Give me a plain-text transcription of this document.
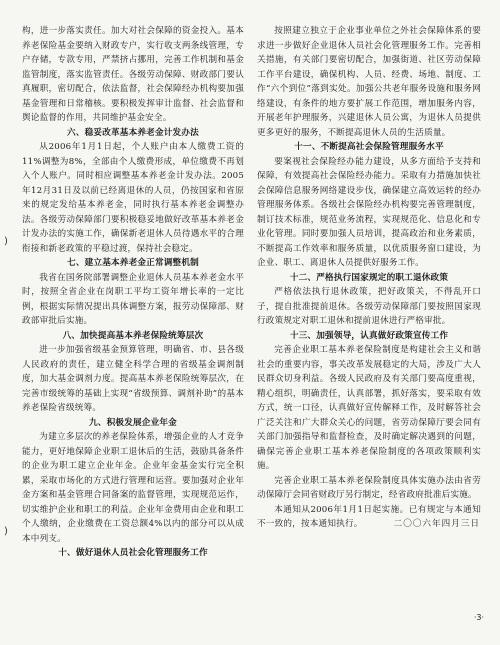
)
)

构，进一步落实责任。加大对社会保障的资金投入。基本养老保险基金要纳入财政专户，实行收支两条线管理，专户存储，专款专用，严禁挤占挪用，完善工作机制和基金监管制度，落实监管责任。各级劳动保障、财政部门要认真履职，密切配合，依法监督，社会保障经办机构要加强基金管理和日常稽核。要积极发挥审计监督、社会监督和舆论监督的作用，共同维护基金安全。

六、稳妥改革基本养老金计发办法

从2006年1月1日起，个人账户由本人缴费工资的11%调整为8%，全部由个人缴费形成，单位缴费不再划入个人账户。同时相应调整基本养老金计发办法。2005年12月31日及以前已经离退休的人员，仍按国家和省原来的规定发给基本养老金，同时执行基本养老金调整办法。各级劳动保障部门要积极稳妥地做好改革基本养老金计发办法的实施工作，确保新老退休人员待遇水平的合理衔接和新老政策的平稳过渡，保持社会稳定。

七、建立基本养老金正常调整机制

我省在国务院部署调整企业退休人员基本养老金水平时，按照全省企业在岗职工平均工资年增长率的一定比例，根据实际情况提出具体调整方案，报劳动保障部、财政部审批后实施。

八、加快提高基本养老保险统筹层次

进一步加强省级基金预算管理，明确省、市、县各级人民政府的责任，建立健全科学合理的省级基金调剂制度，加大基金调剂力度。提高基本养老保险统筹层次，在完善市级统筹的基础上实现“省级预算、调剂补助”的基本养老保险省级统筹。

九、积极发展企业年金

为建立多层次的养老保险体系，增强企业的人才竞争能力，更好地保障企业职工退休后的生活，鼓励具备条件的企业为职工建立企业年金。企业年金基金实行完全积累，采取市场化的方式进行管理和运营。要加强对企业年金方案和基金管理合同备案的监督管理，实现规范运作，切实维护企业和职工的利益。企业年金费用由企业和职工个人缴纳，企业缴费在工资总额4%以内的部分可以从成本中列支。

十、做好退休人员社会化管理服务工作

按照建立独立于企业事业单位之外社会保障体系的要求进一步做好企业退休人员社会化管理服务工作。完善相关措施，有关部门要密切配合，加强街道、社区劳动保障工作平台建设，确保机构、人员、经费、场地、制度、工作“六个到位”落到实处。加强公共老年服务设施和服务网络建设，有条件的地方要扩展工作范围，增加服务内容，开展老年护理服务，兴建退休人员公寓，为退休人员提供更多更好的服务，不断提高退休人员的生活质量。

十一、不断提高社会保险管理服务水平

要案视社会保险经办能力建设，从多方面给予支持和保障，有效提高社会保险经办能力。采取有力措施加快社会保障信息服务网络建设步伐，确保建立高效运转的经办管理服务体系。各级社会保险经办机构要完善管理制度，制订技术标准，规范业务流程，实现规范化、信息化和专业化管理。同时要加强人员培训，提高政治和业务素质，不断提高工作效率和服务质量，以优质服务窗口建设，为企业、职工、离退休人员提供好服务工作。

十二、严格执行国家规定的职工退休政策

严格依法执行退休政策，把好政策关，不得乱开口子，提自批准提前退休。各级劳动保障部门要按照国家现行政策规定对职工退休和提前退休进行严格审批。

十三、加强领导，认真做好政策宣传工作

完善企业职工基本养老保险制度是构建社会主义和谐社会的重要内容，事关改革发展稳定的大局，涉及广大人民群众切身利益。各级人民政府及有关部门要高度重视，精心组织，明确责任，认真部署，抓好落实，要采取有效方式，统一口径，认真做好宣传解释工作，及时解答社会广泛关注和广大群众关心的问题，省劳动保障厅要会同有关部门加强指导和监督检查，及时确定解决遇到的问题，确保完善企业职工基本养老保险制度的各项政策顺利实施。

完善企业职工基本养老保险制度具体实施办法由省劳动保障厅会同省财政厅另行制定，经省政府批准后实施。

本通知从2006年1月1日起实施。已有规定与本通知不一致的，按本通知执行。	二〇〇六年四月三日
·3·
